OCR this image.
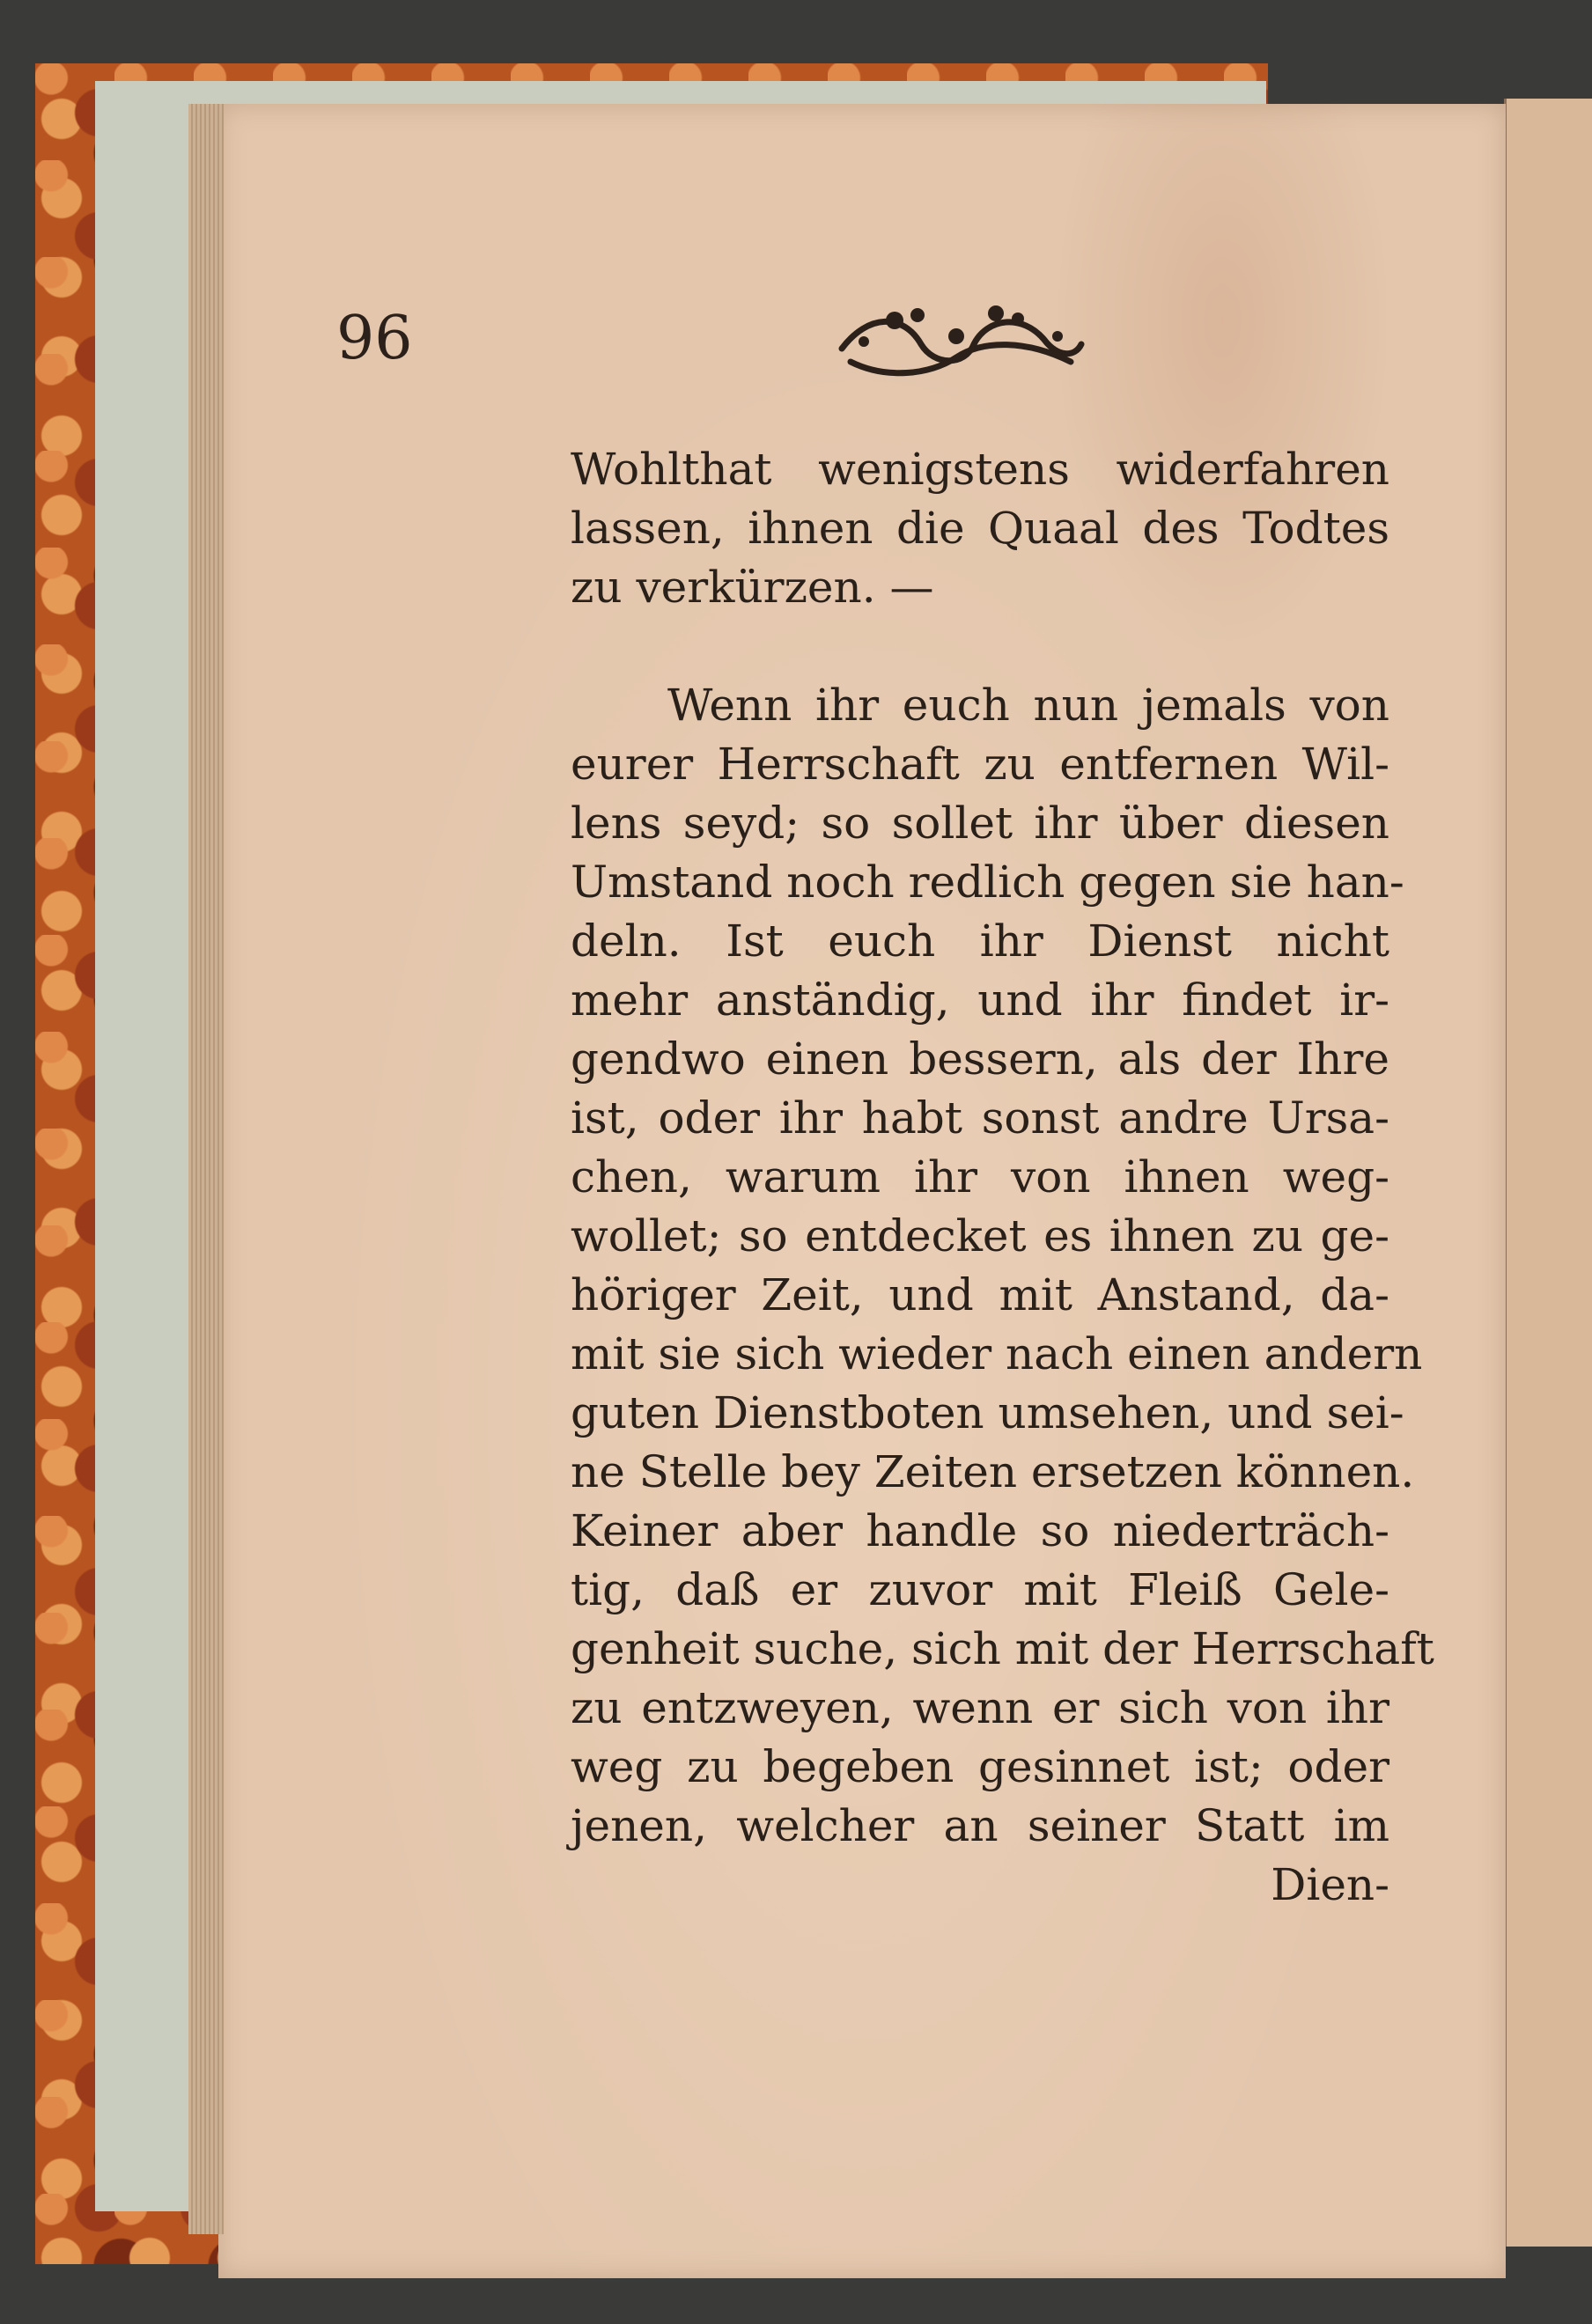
96

Wohlthat wenigstens widerfahren

lassen, ihnen die Quaal des Todtes

zu verkürzen. —

Wenn ihr euch nun jemals von

eurer Herrschaft zu entfernen Wil-

lens seyd; so sollet ihr über diesen

Umstand noch redlich gegen sie han-

deln. Ist euch ihr Dienst nicht

mehr anständig, und ihr findet ir-

gendwo einen bessern, als der Ihre

ist, oder ihr habt sonst andre Ursa-

chen, warum ihr von ihnen weg-

wollet; so entdecket es ihnen zu ge-

höriger Zeit, und mit Anstand, da-

mit sie sich wieder nach einen andern

guten Dienstboten umsehen, und sei-

ne Stelle bey Zeiten ersetzen können.

Keiner aber handle so niederträch-

tig, daß er zuvor mit Fleiß Gele-

genheit suche, sich mit der Herrschaft

zu entzweyen, wenn er sich von ihr

weg zu begeben gesinnet ist; oder

jenen, welcher an seiner Statt im

Dien-
